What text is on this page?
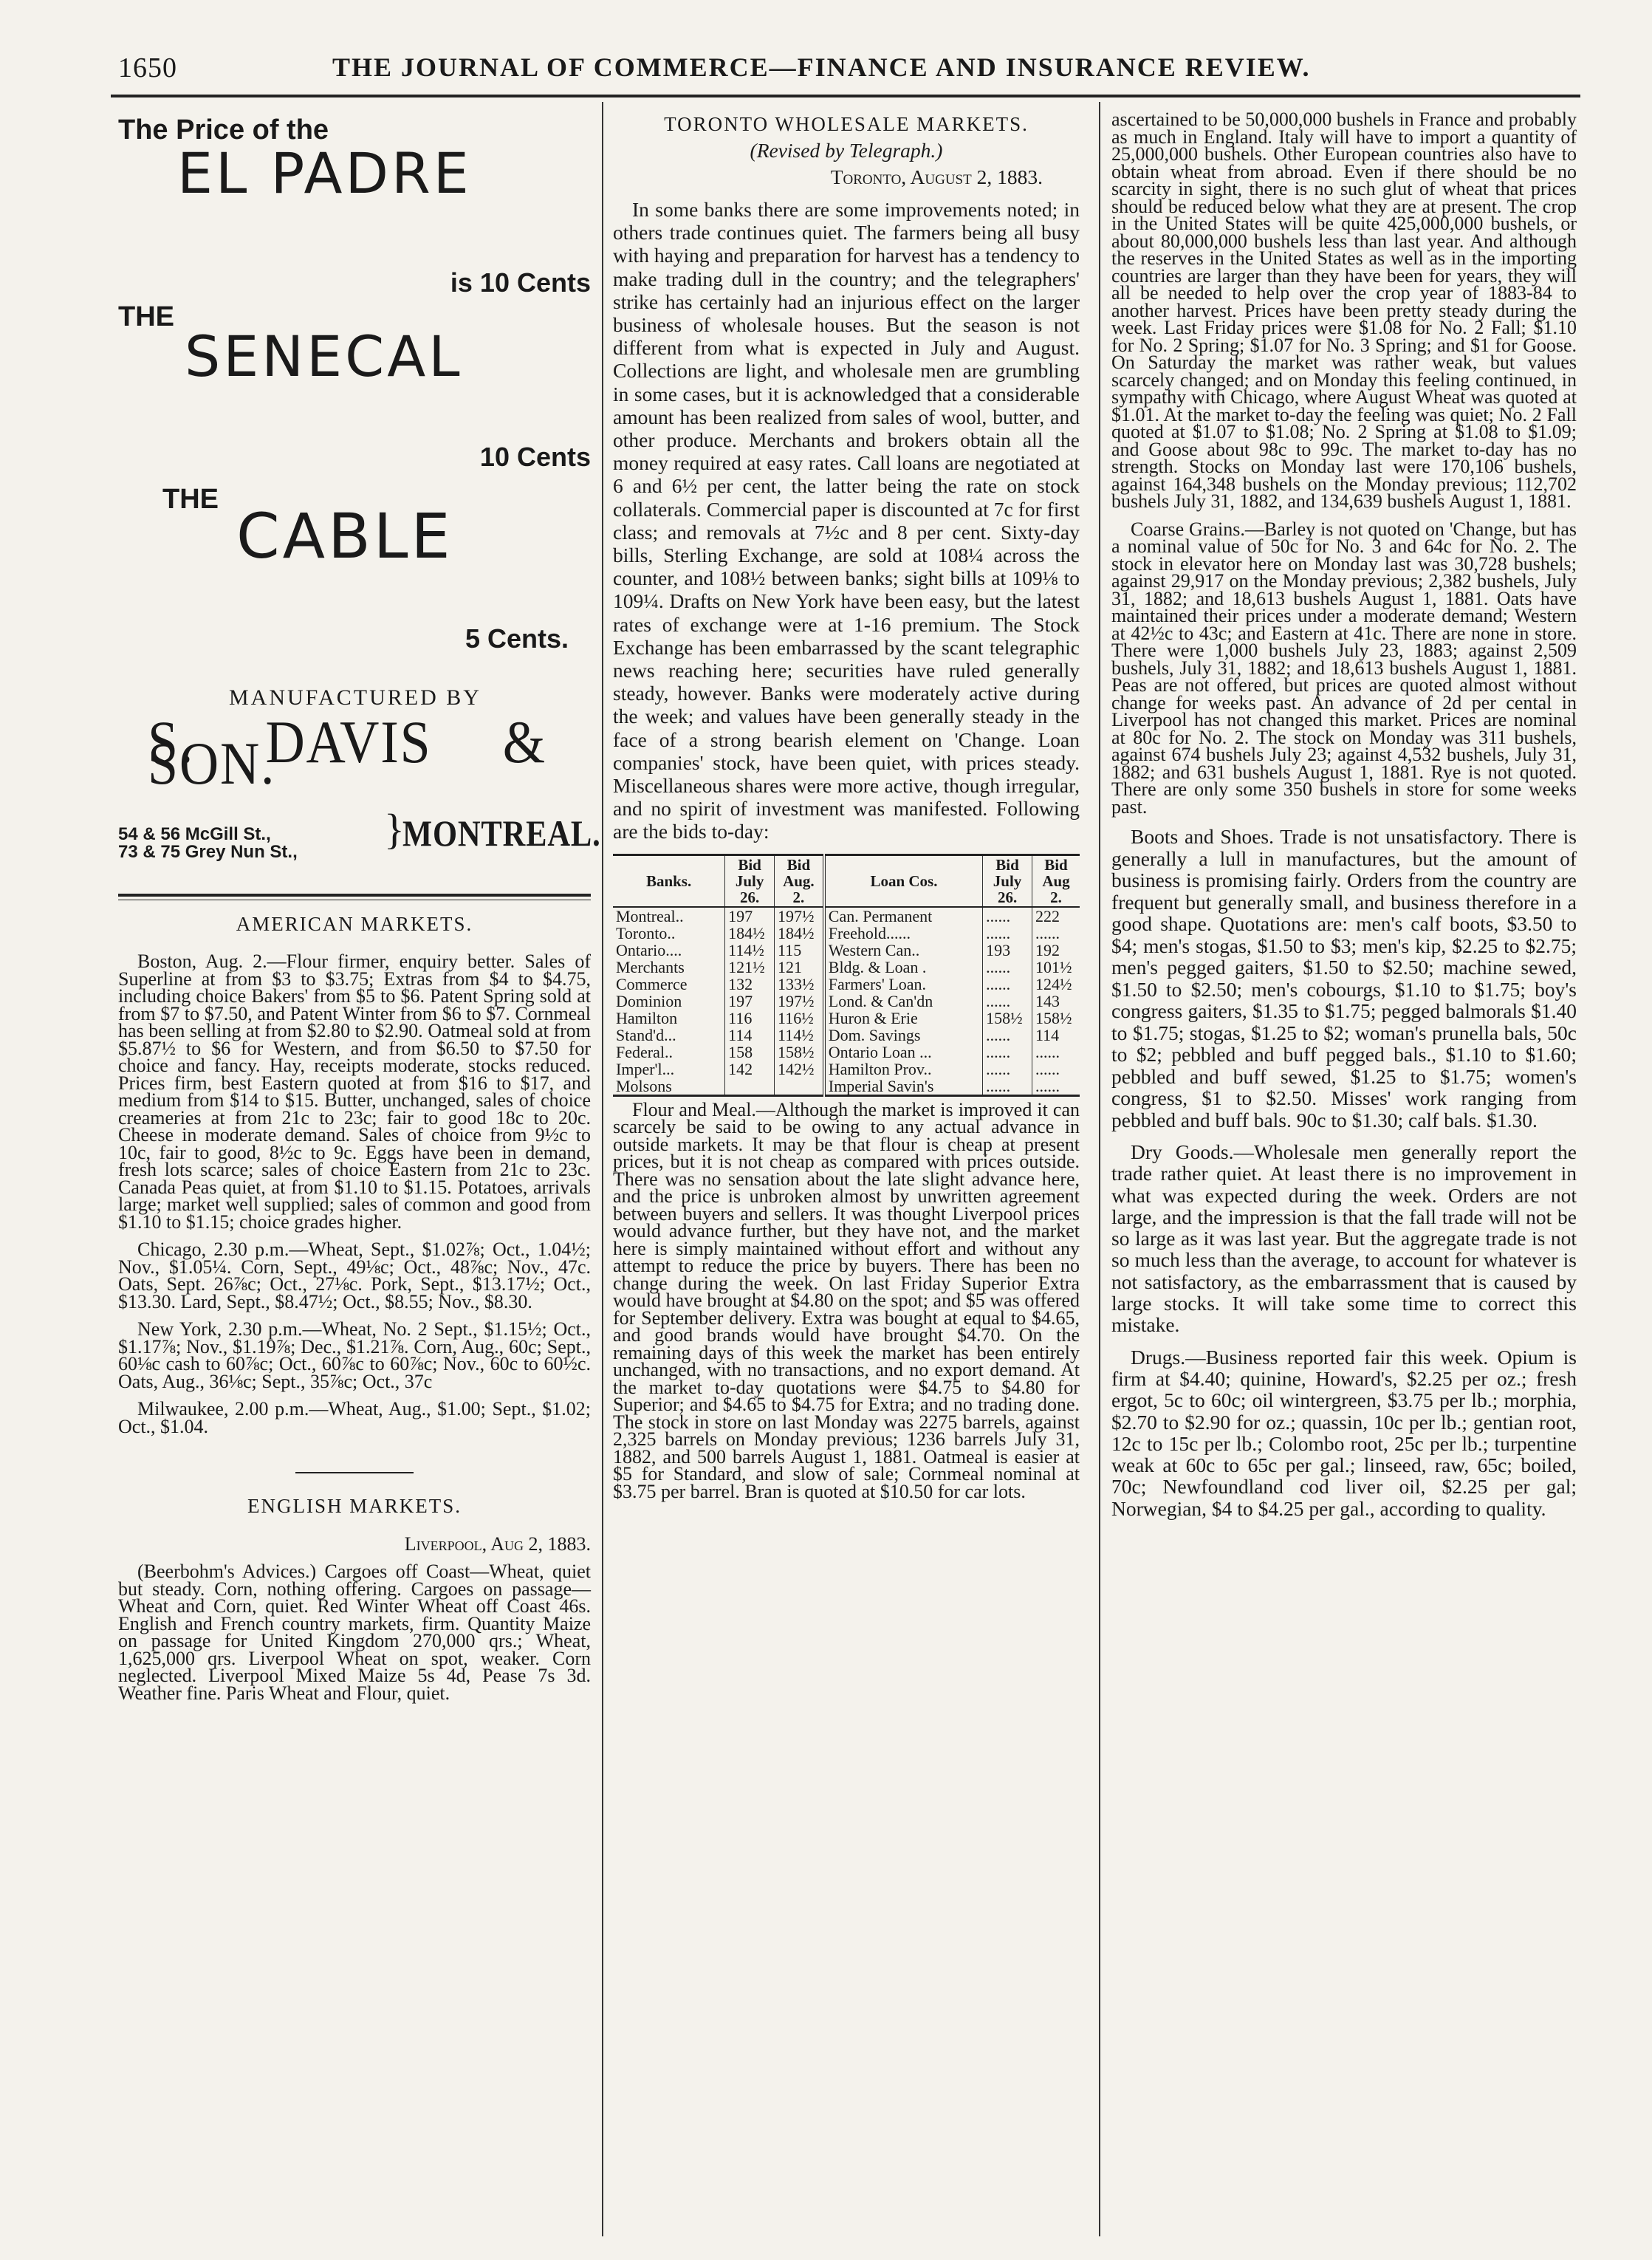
1650	THE JOURNAL OF COMMERCE—FINANCE AND INSURANCE REVIEW.
The Price of the
EL PADRE
is 10 Cents
THE
SENECAL
10 Cents
THE
CABLE
5 Cents.
MANUFACTURED BY
S. DAVIS & SON.
54 & 56 McGill St.,
73 & 75 Grey Nun St., }
MONTREAL.
AMERICAN MARKETS.

Boston, Aug. 2.—Flour firmer, enquiry better. Sales of Superline at from $3 to $3.75; Extras from $4 to $4.75, including choice Bakers' from $5 to $6. Patent Spring sold at from $7 to $7.50, and Patent Winter from $6 to $7. Cornmeal has been selling at from $2.80 to $2.90. Oatmeal sold at from $5.87½ to $6 for Western, and from $6.50 to $7.50 for choice and fancy. Hay, receipts moderate, stocks reduced. Prices firm, best Eastern quoted at from $16 to $17, and medium from $14 to $15. Butter, unchanged, sales of choice creameries at from 21c to 23c; fair to good 18c to 20c. Cheese in moderate demand. Sales of choice from 9½c to 10c, fair to good, 8½c to 9c. Eggs have been in demand, fresh lots scarce; sales of choice Eastern from 21c to 23c. Canada Peas quiet, at from $1.10 to $1.15. Potatoes, arrivals large; market well supplied; sales of common and good from $1.10 to $1.15; choice grades higher.

Chicago, 2.30 p.m.—Wheat, Sept., $1.02⅞; Oct., 1.04½; Nov., $1.05¼. Corn, Sept., 49⅛c; Oct., 48⅞c; Nov., 47c. Oats, Sept. 26⅞c; Oct., 27⅛c. Pork, Sept., $13.17½; Oct., $13.30. Lard, Sept., $8.47½; Oct., $8.55; Nov., $8.30.

New York, 2.30 p.m.—Wheat, No. 2 Sept., $1.15½; Oct., $1.17⅞; Nov., $1.19⅞; Dec., $1.21⅞. Corn, Aug., 60c; Sept., 60⅛c cash to 60⅞c; Oct., 60⅞c to 60⅞c; Nov., 60c to 60½c. Oats, Aug., 36⅛c; Sept., 35⅞c; Oct., 37c

Milwaukee, 2.00 p.m.—Wheat, Aug., $1.00; Sept., $1.02; Oct., $1.04.

ENGLISH MARKETS.

Liverpool, Aug 2, 1883.

(Beerbohm's Advices.) Cargoes off Coast—Wheat, quiet but steady. Corn, nothing offering. Cargoes on passage—Wheat and Corn, quiet. Red Winter Wheat off Coast 46s. English and French country markets, firm. Quantity Maize on passage for United Kingdom 270,000 qrs.; Wheat, 1,625,000 qrs. Liverpool Wheat on spot, weaker. Corn neglected. Liverpool Mixed Maize 5s 4d, Pease 7s 3d. Weather fine. Paris Wheat and Flour, quiet.

TORONTO WHOLESALE MARKETS.

(Revised by Telegraph.)

Toronto, August 2, 1883.

In some banks there are some improvements noted; in others trade continues quiet. The farmers being all busy with haying and preparation for harvest has a tendency to make trading dull in the country; and the telegraphers' strike has certainly had an injurious effect on the larger business of wholesale houses. But the season is not different from what is expected in July and August. Collections are light, and wholesale men are grumbling in some cases, but it is acknowledged that a considerable amount has been realized from sales of wool, butter, and other produce. Merchants and brokers obtain all the money required at easy rates. Call loans are negotiated at 6 and 6½ per cent, the latter being the rate on stock collaterals. Commercial paper is discounted at 7c for first class; and removals at 7½c and 8 per cent. Sixty-day bills, Sterling Exchange, are sold at 108¼ across the counter, and 108½ between banks; sight bills at 109⅛ to 109¼. Drafts on New York have been easy, but the latest rates of exchange were at 1-16 premium. The Stock Exchange has been embarrassed by the scant telegraphic news reaching here; securities have ruled generally steady, however. Banks were moderately active during the week; and values have been generally steady in the face of a strong bearish element on 'Change. Loan companies' stock, have been quiet, with prices steady. Miscellaneous shares were more active, though irregular, and no spirit of investment was manifested. Following are the bids to-day:

Banks.	Bid July 26.	Bid Aug. 2.	Loan Cos.	Bid July 26.	Bid Aug 2.
Montreal..	197	197½	Can. Permanent	......	222
Toronto..	184½	184½	Freehold......	......	......
Ontario....	114½	115	Western Can..	193	192
Merchants	121½	121	Bldg. & Loan .	......	101½
Commerce	132	133½	Farmers' Loan.	......	124½
Dominion	197	197½	Lond. & Can'dn	......	143
Hamilton	116	116½	Huron & Erie	158½	158½
Stand'd...	114	114½	Dom. Savings	......	114
Federal..	158	158½	Ontario Loan ...	......	......
Imper'l...	142	142½	Hamilton Prov..	......	......
Molsons			Imperial Savin's	......	......

Flour and Meal.—Although the market is improved it can scarcely be said to be owing to any actual advance in outside markets. It may be that flour is cheap at present prices, but it is not cheap as compared with prices outside. There was no sensation about the late slight advance here, and the price is unbroken almost by unwritten agreement between buyers and sellers. It was thought Liverpool prices would advance further, but they have not, and the market here is simply maintained without effort and without any attempt to reduce the price by buyers. There has been no change during the week. On last Friday Superior Extra would have brought at $4.80 on the spot; and $5 was offered for September delivery. Extra was bought at equal to $4.65, and good brands would have brought $4.70. On the remaining days of this week the market has been entirely unchanged, with no transactions, and no export demand. At the market to-day quotations were $4.75 to $4.80 for Superior; and $4.65 to $4.75 for Extra; and no trading done. The stock in store on last Monday was 2275 barrels, against 2,325 barrels on Monday previous; 1236 barrels July 31, 1882, and 500 barrels August 1, 1881. Oatmeal is easier at $5 for Standard, and slow of sale; Cornmeal nominal at $3.75 per barrel. Bran is quoted at $10.50 for car lots.

ascertained to be 50,000,000 bushels in France and probably as much in England. Italy will have to import a quantity of 25,000,000 bushels. Other European countries also have to obtain wheat from abroad. Even if there should be no scarcity in sight, there is no such glut of wheat that prices should be reduced below what they are at present. The crop in the United States will be quite 425,000,000 bushels, or about 80,000,000 bushels less than last year. And although the reserves in the United States as well as in the importing countries are larger than they have been for years, they will all be needed to help over the crop year of 1883-84 to another harvest. Prices have been pretty steady during the week. Last Friday prices were $1.08 for No. 2 Fall; $1.10 for No. 2 Spring; $1.07 for No. 3 Spring; and $1 for Goose. On Saturday the market was rather weak, but values scarcely changed; and on Monday this feeling continued, in sympathy with Chicago, where August Wheat was quoted at $1.01. At the market to-day the feeling was quiet; No. 2 Fall quoted at $1.07 to $1.08; No. 2 Spring at $1.08 to $1.09; and Goose about 98c to 99c. The market to-day has no strength. Stocks on Monday last were 170,106 bushels, against 164,348 bushels on the Monday previous; 112,702 bushels July 31, 1882, and 134,639 bushels August 1, 1881.

Coarse Grains.—Barley is not quoted on 'Change, but has a nominal value of 50c for No. 3 and 64c for No. 2. The stock in elevator here on Monday last was 30,728 bushels; against 29,917 on the Monday previous; 2,382 bushels, July 31, 1882; and 18,613 bushels August 1, 1881. Oats have maintained their prices under a moderate demand; Western at 42½c to 43c; and Eastern at 41c. There are none in store. There were 1,000 bushels July 23, 1883; against 2,509 bushels, July 31, 1882; and 18,613 bushels August 1, 1881. Peas are not offered, but prices are quoted almost without change for weeks past. An advance of 2d per cental in Liverpool has not changed this market. Prices are nominal at 80c for No. 2. The stock on Monday was 311 bushels, against 674 bushels July 23; against 4,532 bushels, July 31, 1882; and 631 bushels August 1, 1881. Rye is not quoted. There are only some 350 bushels in store for some weeks past.

Boots and Shoes. Trade is not unsatisfactory. There is generally a lull in manufactures, but the amount of business is promising fairly. Orders from the country are frequent but generally small, and business therefore in a good shape. Quotations are: men's calf boots, $3.50 to $4; men's stogas, $1.50 to $3; men's kip, $2.25 to $2.75; men's pegged gaiters, $1.50 to $2.50; machine sewed, $1.50 to $2.50; men's cobourgs, $1.10 to $1.75; boy's congress gaiters, $1.35 to $1.75; pegged balmorals $1.40 to $1.75; stogas, $1.25 to $2; woman's prunella bals, 50c to $2; pebbled and buff pegged bals., $1.10 to $1.60; pebbled and buff sewed, $1.25 to $1.75; women's congress, $1 to $2.50. Misses' work ranging from pebbled and buff bals. 90c to $1.30; calf bals. $1.30.

Dry Goods.—Wholesale men generally report the trade rather quiet. At least there is no improvement in what was expected during the week. Orders are not large, and the impression is that the fall trade will not be so large as it was last year. But the aggregate trade is not so much less than the average, to account for whatever is not satisfactory, as the embarrassment that is caused by large stocks. It will take some time to correct this mistake.

Drugs.—Business reported fair this week. Opium is firm at $4.40; quinine, Howard's, $2.25 per oz.; fresh ergot, 5c to 60c; oil wintergreen, $3.75 per lb.; morphia, $2.70 to $2.90 for oz.; quassin, 10c per lb.; gentian root, 12c to 15c per lb.; Colombo root, 25c per lb.; turpentine weak at 60c to 65c per gal.; linseed, raw, 65c; boiled, 70c; Newfoundland cod liver oil, $2.25 per gal; Norwegian, $4 to $4.25 per gal., according to quality.
